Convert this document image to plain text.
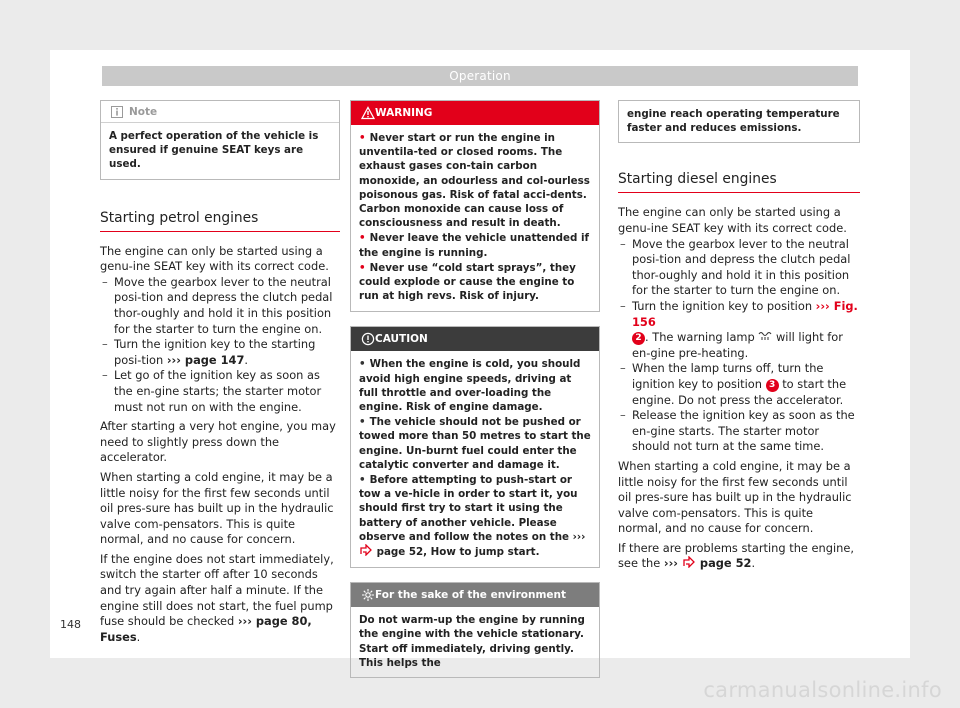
Operation
Note

A perfect operation of the vehicle is ensured if genuine SEAT keys are used.

Starting petrol engines

The engine can only be started using a genu-ine SEAT key with its correct code.

– Move the gearbox lever to the neutral posi-tion and depress the clutch pedal thor-oughly and hold it in this position for the starter to turn the engine on.
– Turn the ignition key to the starting posi-tion ››› page 147.
– Let go of the ignition key as soon as the en-gine starts; the starter motor must not run on with the engine.

After starting a very hot engine, you may need to slightly press down the accelerator.

When starting a cold engine, it may be a little noisy for the first few seconds until oil pres-sure has built up in the hydraulic valve com-pensators. This is quite normal, and no cause for concern.

If the engine does not start immediately, switch the starter off after 10 seconds and try again after half a minute. If the engine still does not start, the fuel pump fuse should be checked ››› page 80, Fuses.

WARNING
• Never start or run the engine in unventila-ted or closed rooms. The exhaust gases con-tain carbon monoxide, an odourless and col-ourless poisonous gas. Risk of fatal acci-dents. Carbon monoxide can cause loss of consciousness and result in death.
• Never leave the vehicle unattended if the engine is running.
• Never use “cold start sprays”, they could explode or cause the engine to run at high revs. Risk of injury.
CAUTION
• When the engine is cold, you should avoid high engine speeds, driving at full throttle and over-loading the engine. Risk of engine damage.
• The vehicle should not be pushed or towed more than 50 metres to start the engine. Un-burnt fuel could enter the catalytic converter and damage it.
• Before attempting to push-start or tow a ve-hicle in order to start it, you should first try to start it using the battery of another vehicle. Please observe and follow the notes on the ›››  page 52, How to jump start.
For the sake of the environment

Do not warm-up the engine by running the engine with the vehicle stationary. Start off immediately, driving gently. This helps the

engine reach operating temperature faster and reduces emissions.

Starting diesel engines

The engine can only be started using a genu-ine SEAT key with its correct code.

– Move the gearbox lever to the neutral posi-tion and depress the clutch pedal thor-oughly and hold it in this position for the starter to turn the engine on.
– Turn the ignition key to position ››› Fig. 156
2 . The warning lamp  will light for en-gine pre-heating.
– When the lamp turns off, turn the ignition key to position 3 to start the engine. Do not press the accelerator.
– Release the ignition key as soon as the en-gine starts. The starter motor should not turn at the same time.

When starting a cold engine, it may be a little noisy for the first few seconds until oil pres-sure has built up in the hydraulic valve com-pensators. This is quite normal, and no cause for concern.

If there are problems starting the engine, see the ›››  page 52.

148
carmanualsonline.info
